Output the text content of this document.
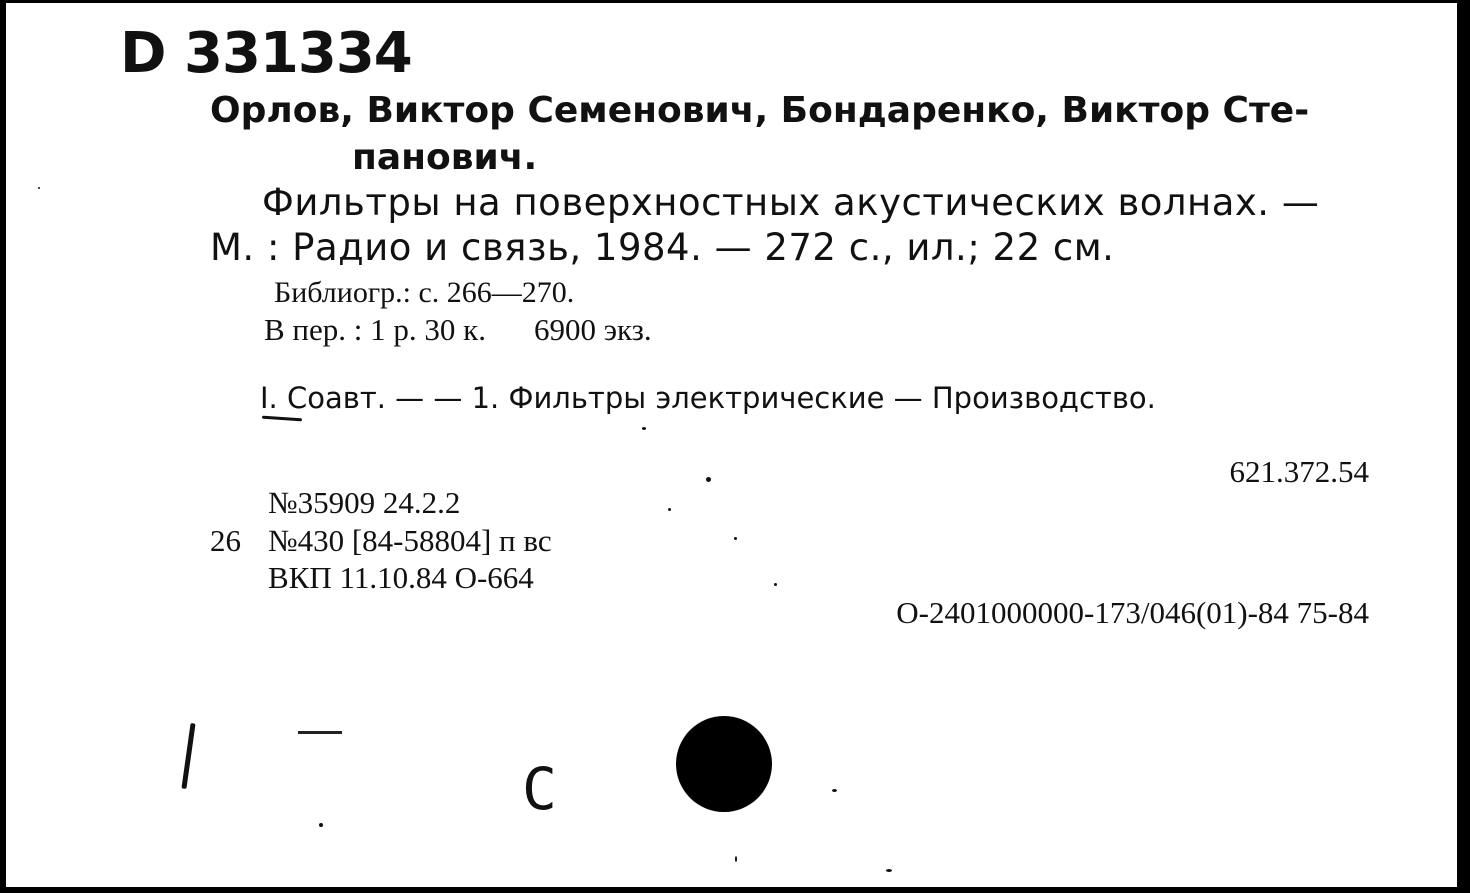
D 331334
Орлов, Виктор Семенович, Бондаренко, Виктор Сте-
панович.
Фильтры на поверхностных акустических волнах. —
М. : Радио и связь, 1984. — 272 с., ил.; 22 см.
Библиогр.: с. 266—270.
В пер. : 1 р. 30 к. 6900 экз.
I. Соавт. — — 1. Фильтры электрические — Производство.
621.372.54
№35909 24.2.2
26 №430 [84-58804] п вс
ВКП 11.10.84 О-664
О-2401000000-173/046(01)-84 75-84
С
